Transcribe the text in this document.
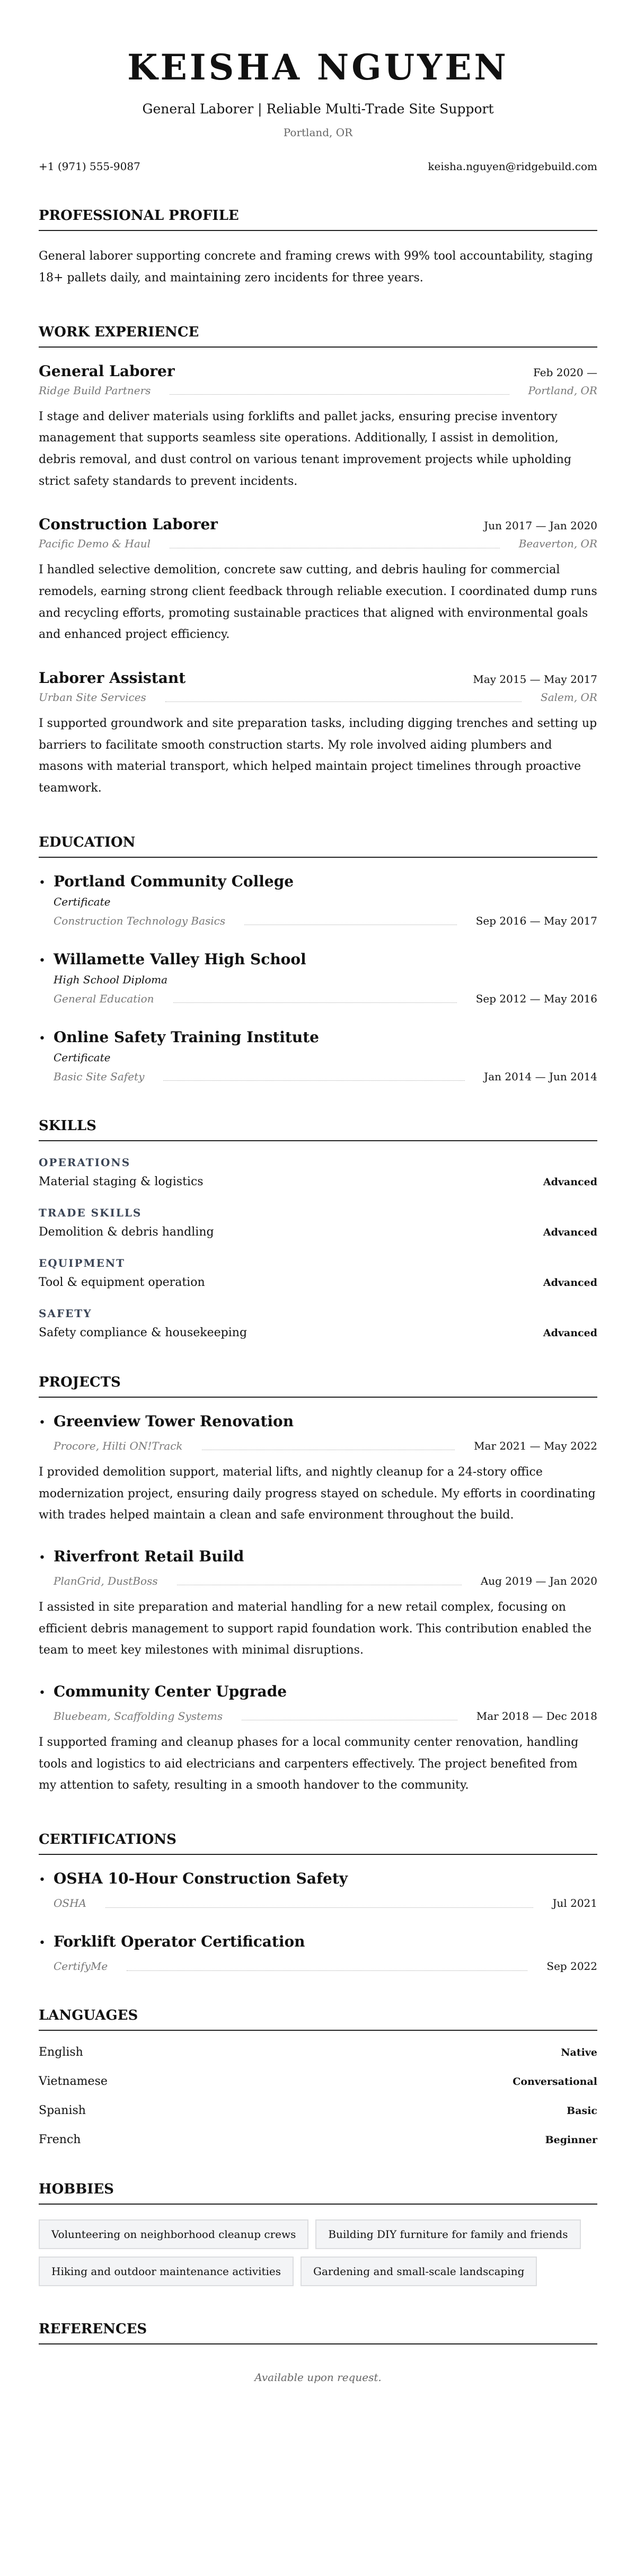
KEISHA NGUYEN
General Laborer | Reliable Multi-Trade Site Support
Portland, OR
+1 (971) 555-9087	keisha.nguyen@ridgebuild.com
PROFESSIONAL PROFILE

General laborer supporting concrete and framing crews with 99% tool accountability, staging 18+ pallets daily, and maintaining zero incidents for three years.

WORK EXPERIENCE
General Laborer	Feb 2020 —
Ridge Build Partners	Portland, OR

I stage and deliver materials using forklifts and pallet jacks, ensuring precise inventory management that supports seamless site operations. Additionally, I assist in demolition, debris removal, and dust control on various tenant improvement projects while upholding strict safety standards to prevent incidents.

Construction Laborer	Jun 2017 — Jan 2020
Pacific Demo & Haul	Beaverton, OR

I handled selective demolition, concrete saw cutting, and debris hauling for commercial remodels, earning strong client feedback through reliable execution. I coordinated dump runs and recycling efforts, promoting sustainable practices that aligned with environmental goals and enhanced project efficiency.

Laborer Assistant	May 2015 — May 2017
Urban Site Services	Salem, OR

I supported groundwork and site preparation tasks, including digging trenches and setting up barriers to facilitate smooth construction starts. My role involved aiding plumbers and masons with material transport, which helped maintain project timelines through proactive teamwork.

EDUCATION
• Portland Community College
Certificate
Construction Technology Basics	Sep 2016 — May 2017
• Willamette Valley High School
High School Diploma
General Education	Sep 2012 — May 2016
• Online Safety Training Institute
Certificate
Basic Site Safety	Jan 2014 — Jun 2014
SKILLS
OPERATIONS
Material staging & logistics	Advanced
TRADE SKILLS
Demolition & debris handling	Advanced
EQUIPMENT
Tool & equipment operation	Advanced
SAFETY
Safety compliance & housekeeping	Advanced
PROJECTS
• Greenview Tower Renovation
Procore, Hilti ON!Track	Mar 2021 — May 2022

I provided demolition support, material lifts, and nightly cleanup for a 24-story office modernization project, ensuring daily progress stayed on schedule. My efforts in coordinating with trades helped maintain a clean and safe environment throughout the build.

• Riverfront Retail Build
PlanGrid, DustBoss	Aug 2019 — Jan 2020

I assisted in site preparation and material handling for a new retail complex, focusing on efficient debris management to support rapid foundation work. This contribution enabled the team to meet key milestones with minimal disruptions.

• Community Center Upgrade
Bluebeam, Scaffolding Systems	Mar 2018 — Dec 2018

I supported framing and cleanup phases for a local community center renovation, handling tools and logistics to aid electricians and carpenters effectively. The project benefited from my attention to safety, resulting in a smooth handover to the community.

CERTIFICATIONS
• OSHA 10-Hour Construction Safety
OSHA	Jul 2021
• Forklift Operator Certification
CertifyMe	Sep 2022
LANGUAGES
English	Native
Vietnamese	Conversational
Spanish	Basic
French	Beginner
HOBBIES
Volunteering on neighborhood cleanup crews	Building DIY furniture for family and friends
Hiking and outdoor maintenance activities	Gardening and small-scale landscaping
REFERENCES
Available upon request.
